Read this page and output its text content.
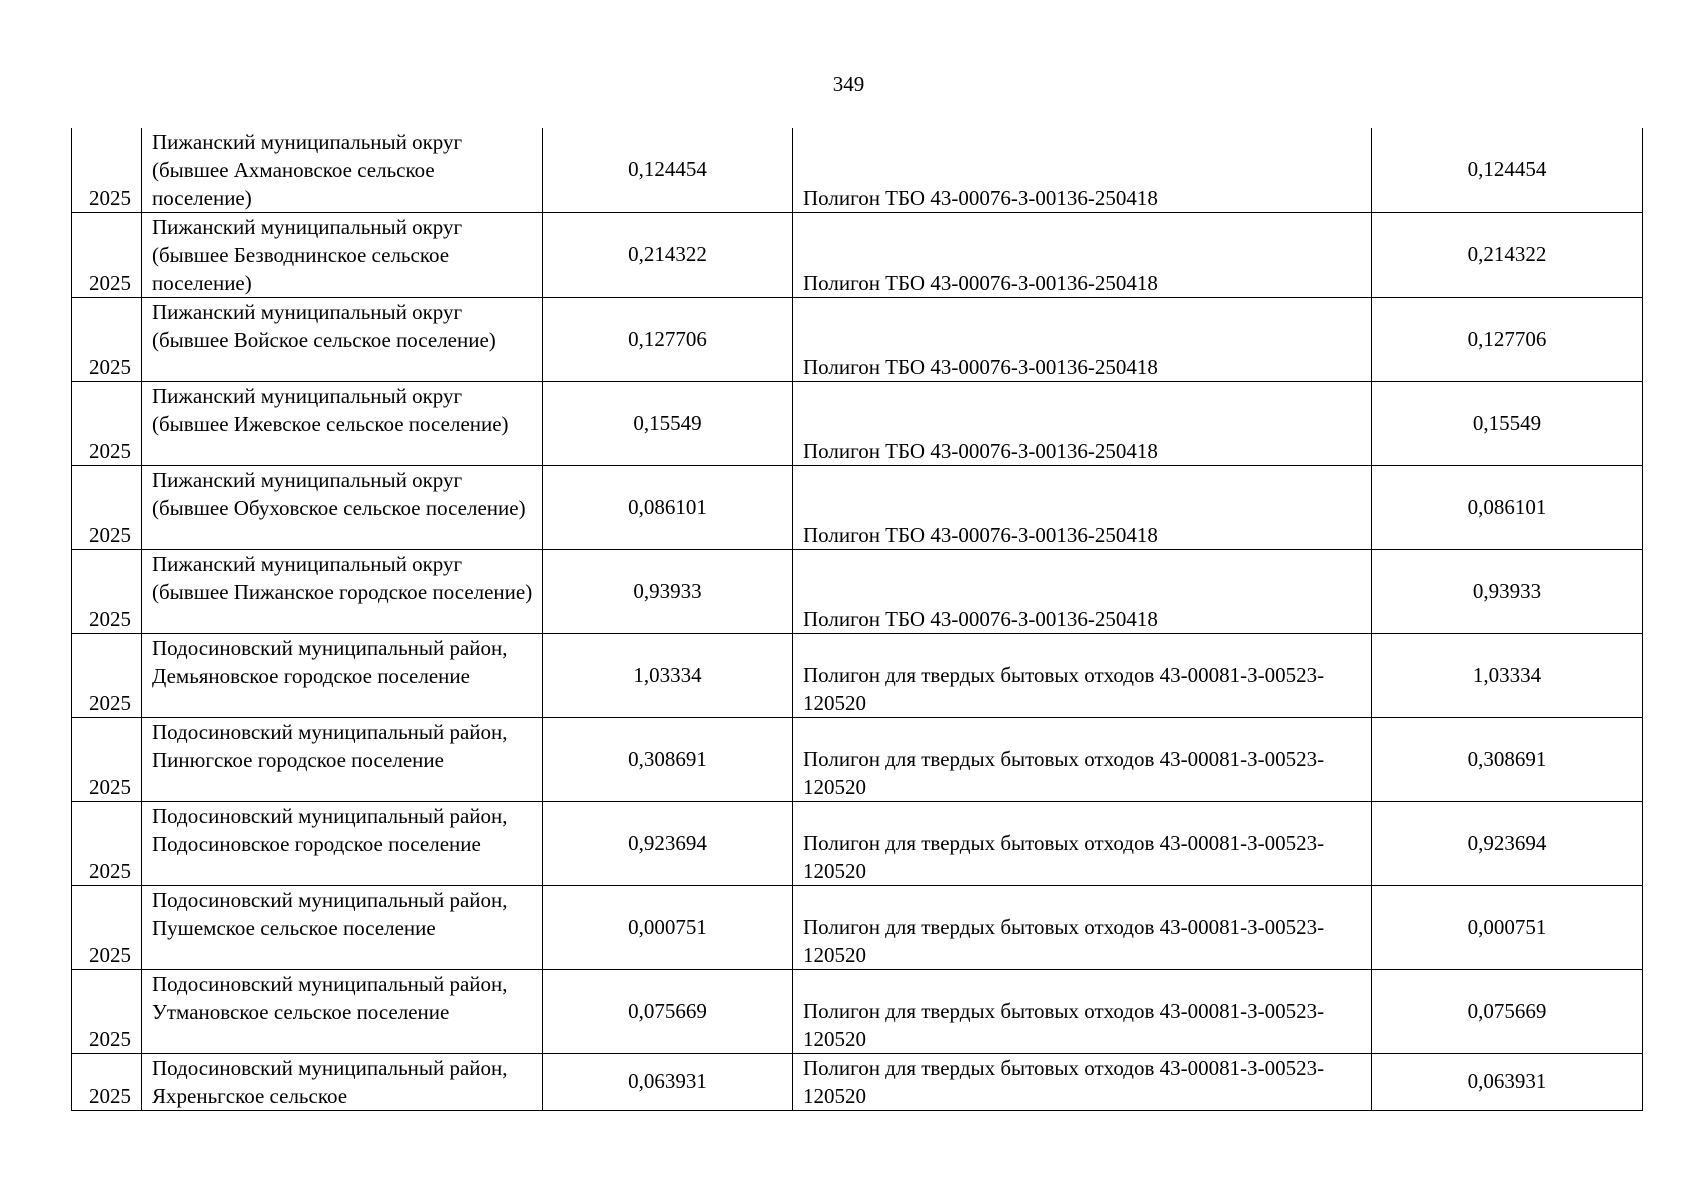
349
2025	Пижанский муниципальный округ (бывшее Ахмановское сельское поселение)	0,124454	Полигон ТБО 43-00076-З-00136-250418	0,124454
2025	Пижанский муниципальный округ (бывшее Безводнинское сельское поселение)	0,214322	Полигон ТБО 43-00076-З-00136-250418	0,214322
2025	Пижанский муниципальный округ (бывшее Войское сельское поселение)	0,127706	Полигон ТБО 43-00076-З-00136-250418	0,127706
2025	Пижанский муниципальный округ (бывшее Ижевское сельское поселение)	0,15549	Полигон ТБО 43-00076-З-00136-250418	0,15549
2025	Пижанский муниципальный округ (бывшее Обуховское сельское поселение)	0,086101	Полигон ТБО 43-00076-З-00136-250418	0,086101
2025	Пижанский муниципальный округ (бывшее Пижанское городское поселение)	0,93933	Полигон ТБО 43-00076-З-00136-250418	0,93933
2025	Подосиновский муниципальный район, Демьяновское городское поселение	1,03334	Полигон для твердых бытовых отходов 43-00081-З-00523-120520	1,03334
2025	Подосиновский муниципальный район, Пинюгское городское поселение	0,308691	Полигон для твердых бытовых отходов 43-00081-З-00523-120520	0,308691
2025	Подосиновский муниципальный район, Подосиновское городское поселение	0,923694	Полигон для твердых бытовых отходов 43-00081-З-00523-120520	0,923694
2025	Подосиновский муниципальный район, Пушемское сельское поселение	0,000751	Полигон для твердых бытовых отходов 43-00081-З-00523-120520	0,000751
2025	Подосиновский муниципальный район, Утмановское сельское поселение	0,075669	Полигон для твердых бытовых отходов 43-00081-З-00523-120520	0,075669
2025	Подосиновский муниципальный район, Яхреньгское сельское	0,063931	Полигон для твердых бытовых отходов 43-00081-З-00523-120520	0,063931
